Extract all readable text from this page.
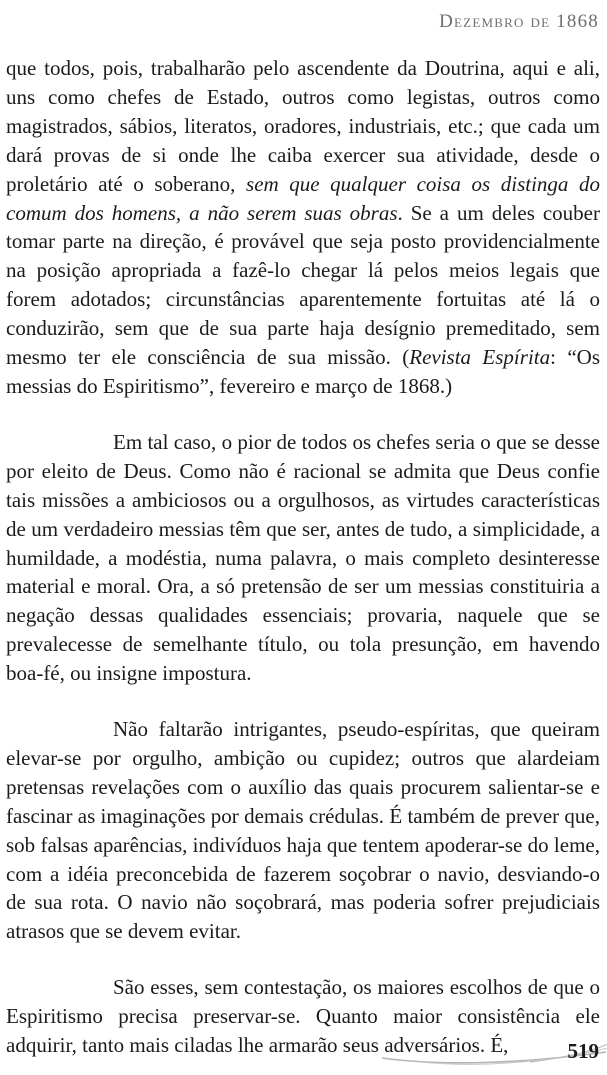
Dezembro de 1868

que todos, pois, trabalharão pelo ascendente da Doutrina, aqui e ali, uns como chefes de Estado, outros como legistas, outros como magistrados, sábios, literatos, oradores, industriais, etc.; que cada um dará provas de si onde lhe caiba exercer sua atividade, desde o proletário até o soberano, sem que qualquer coisa os distinga do comum dos homens, a não serem suas obras. Se a um deles couber tomar parte na direção, é provável que seja posto providencialmente na posição apropriada a fazê-lo chegar lá pelos meios legais que forem adotados; circunstâncias aparentemente fortuitas até lá o conduzirão, sem que de sua parte haja desígnio premeditado, sem mesmo ter ele consciência de sua missão. (Revista Espírita: “Os messias do Espiritismo”, fevereiro e março de 1868.)

Em tal caso, o pior de todos os chefes seria o que se desse por eleito de Deus. Como não é racional se admita que Deus confie tais missões a ambiciosos ou a orgulhosos, as virtudes características de um verdadeiro messias têm que ser, antes de tudo, a simplicidade, a humildade, a modéstia, numa palavra, o mais completo desinteresse material e moral. Ora, a só pretensão de ser um messias constituiria a negação dessas qualidades essenciais; provaria, naquele que se prevalecesse de semelhante título, ou tola presunção, em havendo boa-fé, ou insigne impostura.

Não faltarão intrigantes, pseudo-espíritas, que queiram elevar-se por orgulho, ambição ou cupidez; outros que alardeiam pretensas revelações com o auxílio das quais procurem salientar-se e fascinar as imaginações por demais crédulas. É também de prever que, sob falsas aparências, indivíduos haja que tentem apoderar-se do leme, com a idéia preconcebida de fazerem soçobrar o navio, desviando-o de sua rota. O navio não soçobrará, mas poderia sofrer prejudiciais atrasos que se devem evitar.

São esses, sem contestação, os maiores escolhos de que o Espiritismo precisa preservar-se. Quanto maior consistência ele adquirir, tanto mais ciladas lhe armarão seus adversários. É,	519
